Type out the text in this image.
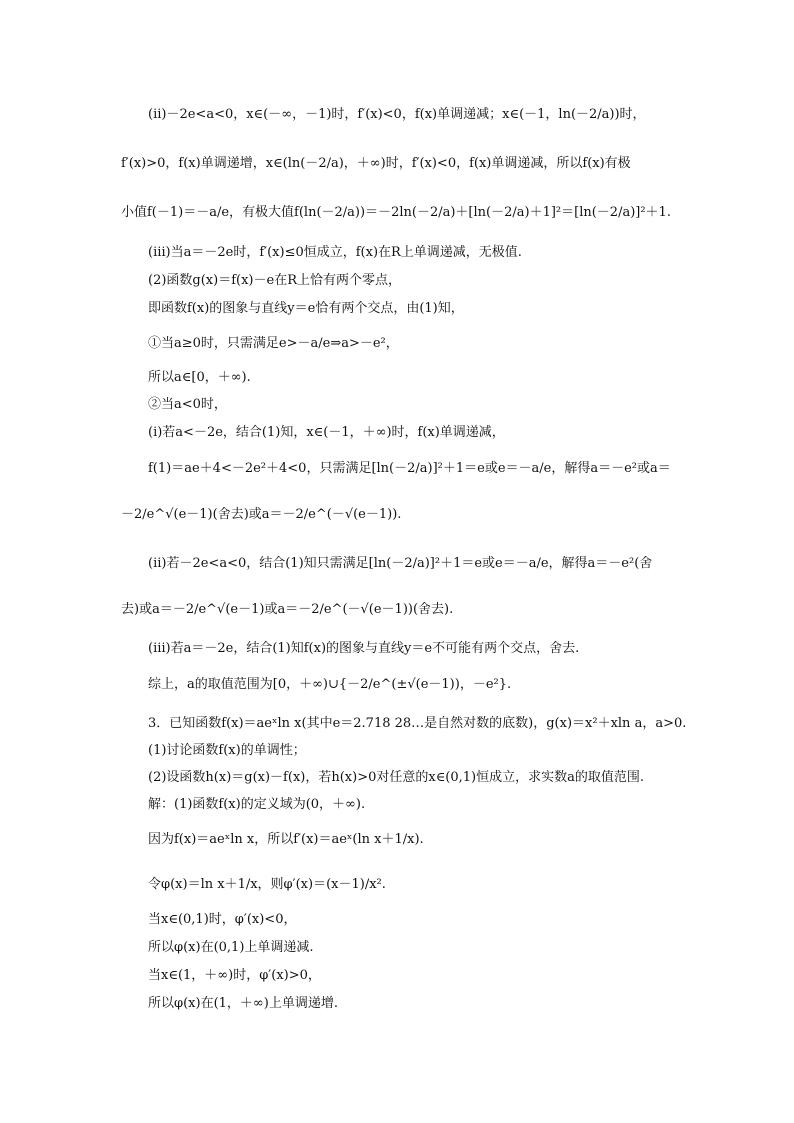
(ⅱ)－2e<a<0，x∈(－∞，－1)时，f′(x)<0，f(x)单调递减；x∈(－1，ln(－2/a))时，
f′(x)>0，f(x)单调递增，x∈(ln(－2/a)，＋∞)时，f′(x)<0，f(x)单调递减，所以f(x)有极
小值f(－1)＝－a/e，有极大值f(ln(－2/a))＝－2ln(－2/a)＋[ln(－2/a)＋1]²＝[ln(－2/a)]²＋1.
(ⅲ)当a＝－2e时，f′(x)≤0恒成立，f(x)在R上单调递减，无极值.
(2)函数g(x)＝f(x)－e在R上恰有两个零点，
即函数f(x)的图象与直线y＝e恰有两个交点，由(1)知，
①当a≥0时，只需满足e>－a/e⇒a>－e²，
所以a∈[0，＋∞).
②当a<0时，
(ⅰ)若a<－2e，结合(1)知，x∈(－1，＋∞)时，f(x)单调递减，
f(1)＝ae＋4<－2e²＋4<0，只需满足[ln(－2/a)]²＋1＝e或e＝－a/e，解得a＝－e²或a＝
－2/e^√(e－1)(舍去)或a＝－2/e^(－√(e－1)).
(ⅱ)若－2e<a<0，结合(1)知只需满足[ln(－2/a)]²＋1＝e或e＝－a/e，解得a＝－e²(舍
去)或a＝－2/e^√(e－1)或a＝－2/e^(－√(e－1))(舍去).
(ⅲ)若a＝－2e，结合(1)知f(x)的图象与直线y＝e不可能有两个交点，舍去.
综上，a的取值范围为[0，＋∞)∪{－2/e^(±√(e－1))，－e²}.
3．已知函数f(x)＝aeˣln x(其中e＝2.718 28…是自然对数的底数)，g(x)＝x²＋xln a，a>0.
(1)讨论函数f(x)的单调性；
(2)设函数h(x)＝g(x)－f(x)，若h(x)>0对任意的x∈(0,1)恒成立，求实数a的取值范围.
解：(1)函数f(x)的定义域为(0，＋∞).
因为f(x)＝aeˣln x，所以f′(x)＝aeˣ(ln x＋1/x).
令φ(x)＝ln x＋1/x，则φ′(x)＝(x－1)/x².
当x∈(0,1)时，φ′(x)<0，
所以φ(x)在(0,1)上单调递减.
当x∈(1，＋∞)时，φ′(x)>0，
所以φ(x)在(1，＋∞)上单调递增.
